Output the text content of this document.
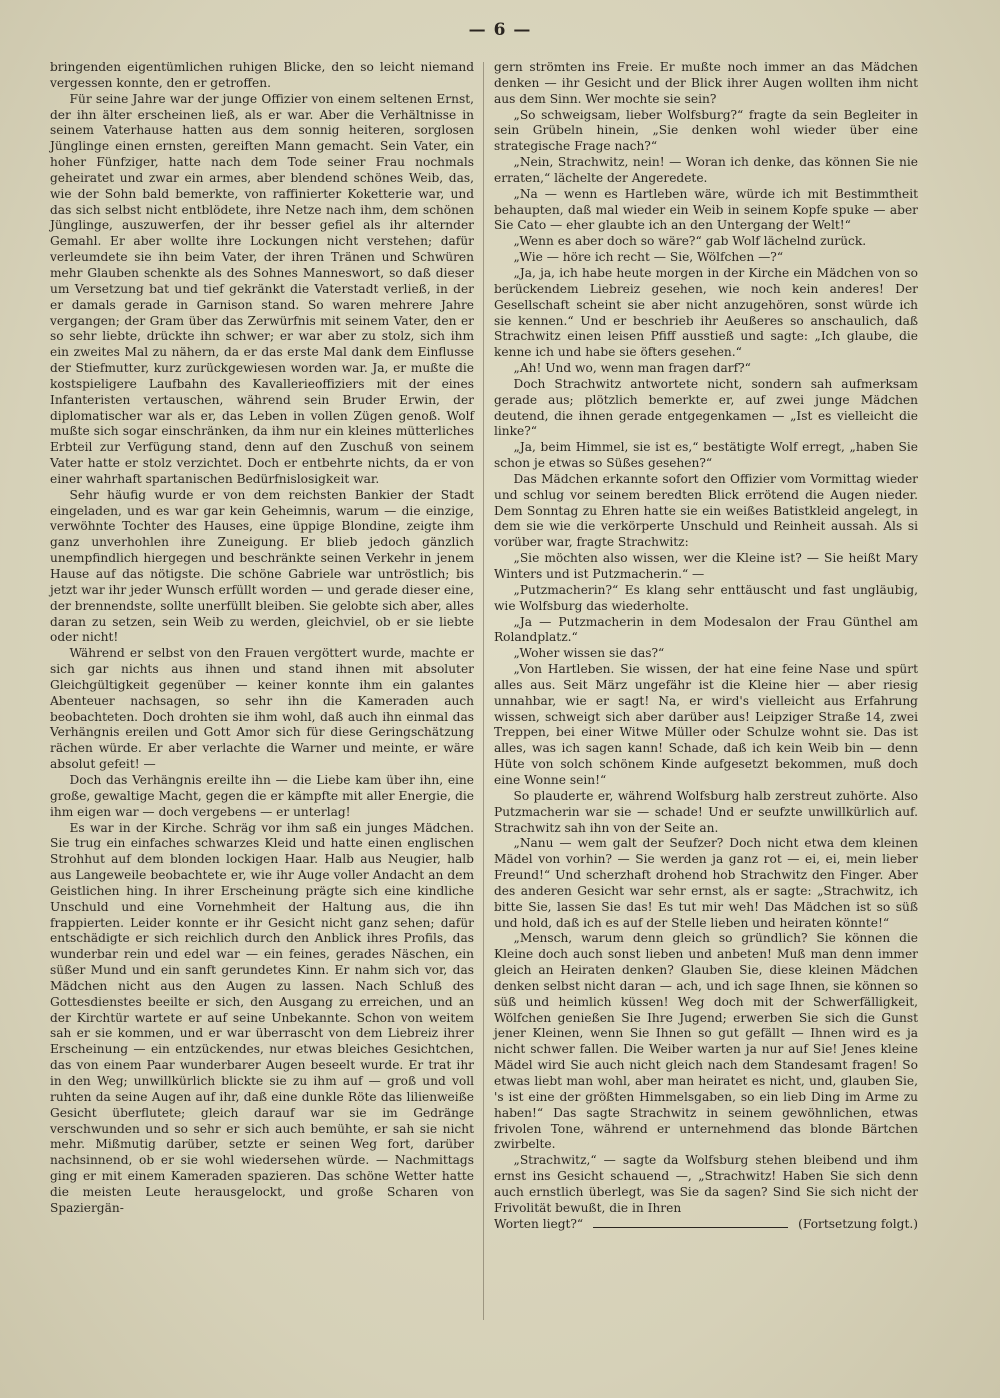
— 6 —

bringenden eigentümlichen ruhigen Blicke, den so leicht niemand vergessen konnte, den er getroffen.

Für seine Jahre war der junge Offizier von einem seltenen Ernst, der ihn älter erscheinen ließ, als er war. Aber die Verhältnisse in seinem Vaterhause hatten aus dem sonnig heiteren, sorglosen Jünglinge einen ernsten, gereiften Mann gemacht. Sein Vater, ein hoher Fünfziger, hatte nach dem Tode seiner Frau nochmals geheiratet und zwar ein armes, aber blendend schönes Weib, das, wie der Sohn bald bemerkte, von raffinierter Koketterie war, und das sich selbst nicht entblödete, ihre Netze nach ihm, dem schönen Jünglinge, auszuwerfen, der ihr besser gefiel als ihr alternder Gemahl. Er aber wollte ihre Lockungen nicht verstehen; dafür verleumdete sie ihn beim Vater, der ihren Tränen und Schwüren mehr Glauben schenkte als des Sohnes Manneswort, so daß dieser um Versetzung bat und tief gekränkt die Vaterstadt verließ, in der er damals gerade in Garnison stand. So waren mehrere Jahre vergangen; der Gram über das Zerwürfnis mit seinem Vater, den er so sehr liebte, drückte ihn schwer; er war aber zu stolz, sich ihm ein zweites Mal zu nähern, da er das erste Mal dank dem Einflusse der Stiefmutter, kurz zurückgewiesen worden war. Ja, er mußte die kostspieligere Laufbahn des Kavallerieoffiziers mit der eines Infanteristen vertauschen, während sein Bruder Erwin, der diplomatischer war als er, das Leben in vollen Zügen genoß. Wolf mußte sich sogar einschränken, da ihm nur ein kleines mütterliches Erbteil zur Verfügung stand, denn auf den Zuschuß von seinem Vater hatte er stolz verzichtet. Doch er entbehrte nichts, da er von einer wahrhaft spartanischen Bedürfnislosigkeit war.

Sehr häufig wurde er von dem reichsten Bankier der Stadt eingeladen, und es war gar kein Geheimnis, warum — die einzige, verwöhnte Tochter des Hauses, eine üppige Blondine, zeigte ihm ganz unverhohlen ihre Zuneigung. Er blieb jedoch gänzlich unempfindlich hiergegen und beschränkte seinen Verkehr in jenem Hause auf das nötigste. Die schöne Gabriele war untröstlich; bis jetzt war ihr jeder Wunsch erfüllt worden — und gerade dieser eine, der brennendste, sollte unerfüllt bleiben. Sie gelobte sich aber, alles daran zu setzen, sein Weib zu werden, gleichviel, ob er sie liebte oder nicht!

Während er selbst von den Frauen vergöttert wurde, machte er sich gar nichts aus ihnen und stand ihnen mit absoluter Gleichgültigkeit gegenüber — keiner konnte ihm ein galantes Abenteuer nachsagen, so sehr ihn die Kameraden auch beobachteten. Doch drohten sie ihm wohl, daß auch ihn einmal das Verhängnis ereilen und Gott Amor sich für diese Geringschätzung rächen würde. Er aber verlachte die Warner und meinte, er wäre absolut gefeit! —

Doch das Verhängnis ereilte ihn — die Liebe kam über ihn, eine große, gewaltige Macht, gegen die er kämpfte mit aller Energie, die ihm eigen war — doch vergebens — er unterlag!

Es war in der Kirche. Schräg vor ihm saß ein junges Mädchen. Sie trug ein einfaches schwarzes Kleid und hatte einen englischen Strohhut auf dem blonden lockigen Haar. Halb aus Neugier, halb aus Langeweile beobachtete er, wie ihr Auge voller Andacht an dem Geistlichen hing. In ihrer Erscheinung prägte sich eine kindliche Unschuld und eine Vornehmheit der Haltung aus, die ihn frappierten. Leider konnte er ihr Gesicht nicht ganz sehen; dafür entschädigte er sich reichlich durch den Anblick ihres Profils, das wunderbar rein und edel war — ein feines, gerades Näschen, ein süßer Mund und ein sanft gerundetes Kinn. Er nahm sich vor, das Mädchen nicht aus den Augen zu lassen. Nach Schluß des Gottesdienstes beeilte er sich, den Ausgang zu erreichen, und an der Kirchtür wartete er auf seine Unbekannte. Schon von weitem sah er sie kommen, und er war überrascht von dem Liebreiz ihrer Erscheinung — ein entzückendes, nur etwas bleiches Gesichtchen, das von einem Paar wunderbarer Augen beseelt wurde. Er trat ihr in den Weg; unwillkürlich blickte sie zu ihm auf — groß und voll ruhten da seine Augen auf ihr, daß eine dunkle Röte das lilienweiße Gesicht überflutete; gleich darauf war sie im Gedränge verschwunden und so sehr er sich auch bemühte, er sah sie nicht mehr. Mißmutig darüber, setzte er seinen Weg fort, darüber nachsinnend, ob er sie wohl wiedersehen würde. — Nachmittags ging er mit einem Kameraden spazieren. Das schöne Wetter hatte die meisten Leute herausgelockt, und große Scharen von Spaziergän-

gern strömten ins Freie. Er mußte noch immer an das Mädchen denken — ihr Gesicht und der Blick ihrer Augen wollten ihm nicht aus dem Sinn. Wer mochte sie sein?

„So schweigsam, lieber Wolfsburg?“ fragte da sein Begleiter in sein Grübeln hinein, „Sie denken wohl wieder über eine strategische Frage nach?“

„Nein, Strachwitz, nein! — Woran ich denke, das können Sie nie erraten,“ lächelte der Angeredete.

„Na — wenn es Hartleben wäre, würde ich mit Bestimmtheit behaupten, daß mal wieder ein Weib in seinem Kopfe spuke — aber Sie Cato — eher glaubte ich an den Untergang der Welt!“

„Wenn es aber doch so wäre?“ gab Wolf lächelnd zurück.

„Wie — höre ich recht — Sie, Wölfchen —?“

„Ja, ja, ich habe heute morgen in der Kirche ein Mädchen von so berückendem Liebreiz gesehen, wie noch kein anderes! Der Gesellschaft scheint sie aber nicht anzugehören, sonst würde ich sie kennen.“ Und er beschrieb ihr Aeußeres so anschaulich, daß Strachwitz einen leisen Pfiff ausstieß und sagte: „Ich glaube, die kenne ich und habe sie öfters gesehen.“

„Ah! Und wo, wenn man fragen darf?“

Doch Strachwitz antwortete nicht, sondern sah aufmerksam gerade aus; plötzlich bemerkte er, auf zwei junge Mädchen deutend, die ihnen gerade entgegenkamen — „Ist es vielleicht die linke?“

„Ja, beim Himmel, sie ist es,“ bestätigte Wolf erregt, „haben Sie schon je etwas so Süßes gesehen?“

Das Mädchen erkannte sofort den Offizier vom Vormittag wieder und schlug vor seinem beredten Blick errötend die Augen nieder. Dem Sonntag zu Ehren hatte sie ein weißes Batistkleid angelegt, in dem sie wie die verkörperte Unschuld und Reinheit aussah. Als si vorüber war, fragte Strachwitz:

„Sie möchten also wissen, wer die Kleine ist? — Sie heißt Mary Winters und ist Putzmacherin.“ —

„Putzmacherin?“ Es klang sehr enttäuscht und fast ungläubig, wie Wolfsburg das wiederholte.

„Ja — Putzmacherin in dem Modesalon der Frau Günthel am Rolandplatz.“

„Woher wissen sie das?“

„Von Hartleben. Sie wissen, der hat eine feine Nase und spürt alles aus. Seit März ungefähr ist die Kleine hier — aber riesig unnahbar, wie er sagt! Na, er wird's vielleicht aus Erfahrung wissen, schweigt sich aber darüber aus! Leipziger Straße 14, zwei Treppen, bei einer Witwe Müller oder Schulze wohnt sie. Das ist alles, was ich sagen kann! Schade, daß ich kein Weib bin — denn Hüte von solch schönem Kinde aufgesetzt bekommen, muß doch eine Wonne sein!“

So plauderte er, während Wolfsburg halb zerstreut zuhörte. Also Putzmacherin war sie — schade! Und er seufzte unwillkürlich auf. Strachwitz sah ihn von der Seite an.

„Nanu — wem galt der Seufzer? Doch nicht etwa dem kleinen Mädel von vorhin? — Sie werden ja ganz rot — ei, ei, mein lieber Freund!“ Und scherzhaft drohend hob Strachwitz den Finger. Aber des anderen Gesicht war sehr ernst, als er sagte: „Strachwitz, ich bitte Sie, lassen Sie das! Es tut mir weh! Das Mädchen ist so süß und hold, daß ich es auf der Stelle lieben und heiraten könnte!“

„Mensch, warum denn gleich so gründlich? Sie können die Kleine doch auch sonst lieben und anbeten! Muß man denn immer gleich an Heiraten denken? Glauben Sie, diese kleinen Mädchen denken selbst nicht daran — ach, und ich sage Ihnen, sie können so süß und heimlich küssen! Weg doch mit der Schwerfälligkeit, Wölfchen genießen Sie Ihre Jugend; erwerben Sie sich die Gunst jener Kleinen, wenn Sie Ihnen so gut gefällt — Ihnen wird es ja nicht schwer fallen. Die Weiber warten ja nur auf Sie! Jenes kleine Mädel wird Sie auch nicht gleich nach dem Standesamt fragen! So etwas liebt man wohl, aber man heiratet es nicht, und, glauben Sie, 's ist eine der größten Himmelsgaben, so ein lieb Ding im Arme zu haben!“ Das sagte Strachwitz in seinem gewöhnlichen, etwas frivolen Tone, während er unternehmend das blonde Bärtchen zwirbelte.

„Strachwitz,“ — sagte da Wolfsburg stehen bleibend und ihm ernst ins Gesicht schauend —, „Strachwitz! Haben Sie sich denn auch ernstlich überlegt, was Sie da sagen? Sind Sie sich nicht der Frivolität bewußt, die in Ihren

Worten liegt?“	(Fortsetzung folgt.)
